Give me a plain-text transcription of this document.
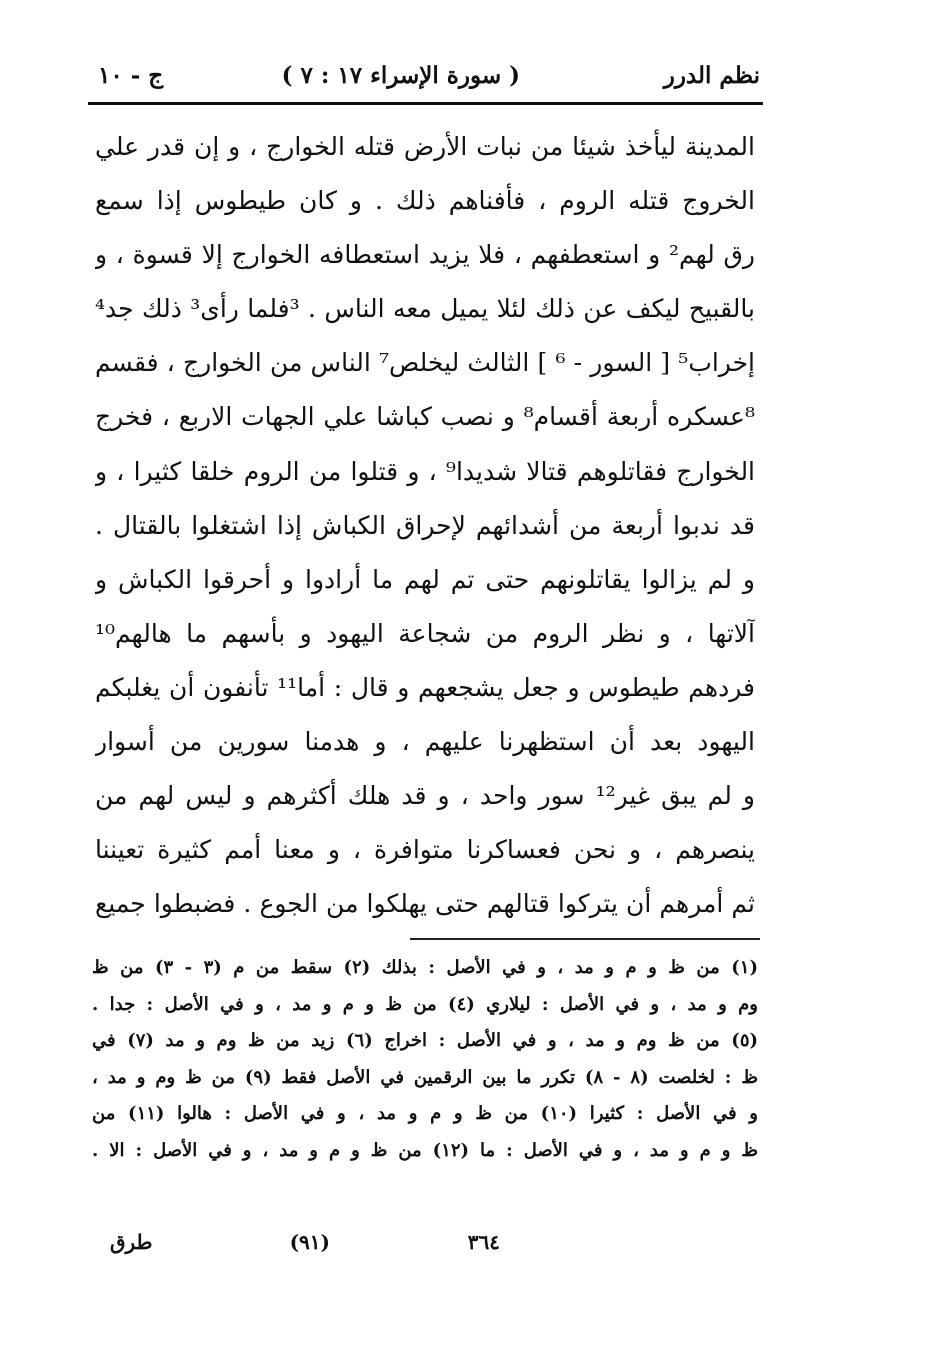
نظم الدرر
( سورة الإسراء ١٧ : ٧ )
ج - ١٠
المدينة ليأخذ شيئا من نبات الأرض قتله الخوارج ، و إن قدر علي
الخروج قتله الروم ، فأفناهم ذلك . و كان طيطوس إذا سمع
رق لهم² و استعطفهم ، فلا يزيد استعطافه الخوارج إلا قسوة ، و
بالقبيح ليكف عن ذلك لئلا يميل معه الناس . ³فلما رأى³ ذلك جد⁴
إخراب⁵ [ السور - ⁶ ] الثالث ليخلص⁷ الناس من الخوارج ، فقسم
⁸عسكره أربعة أقسام⁸ و نصب كباشا علي الجهات الاربع ، فخرج
الخوارج فقاتلوهم قتالا شديدا⁹ ، و قتلوا من الروم خلقا كثيرا ، و
قد ندبوا أربعة من أشدائهم لإحراق الكباش إذا اشتغلوا بالقتال .
و لم يزالوا يقاتلونهم حتى تم لهم ما أرادوا و أحرقوا الكباش و
آلاتها ، و نظر الروم من شجاعة اليهود و بأسهم ما هالهم¹⁰
فردهم طيطوس و جعل يشجعهم و قال : أما¹¹ تأنفون أن يغلبكم
اليهود بعد أن استظهرنا عليهم ، و هدمنا سورين من أسوار
و لم يبق غير¹² سور واحد ، و قد هلك أكثرهم و ليس لهم من
ينصرهم ، و نحن فعساكرنا متوافرة ، و معنا أمم كثيرة تعيننا
ثم أمرهم أن يتركوا قتالهم حتى يهلكوا من الجوع . فضبطوا جميع
(١) من ظ و م و مد ، و في الأصل : بذلك (٢) سقط من م (٣ - ٣) من ظ
وم و مد ، و في الأصل : ليلاري (٤) من ظ و م و مد ، و في الأصل : جدا .
(٥) من ظ وم و مد ، و في الأصل : اخراج (٦) زيد من ظ وم و مد (٧) في
ظ : لخلصت (٨ - ٨) تكرر ما بين الرقمين في الأصل فقط (٩) من ظ وم و مد ،
و في الأصل : كثيرا (١٠) من ظ و م و مد ، و في الأصل : هالوا (١١) من
ظ و م و مد ، و في الأصل : ما (١٢) من ظ و م و مد ، و في الأصل : الا .
٣٦٤
(٩١)
طرق
